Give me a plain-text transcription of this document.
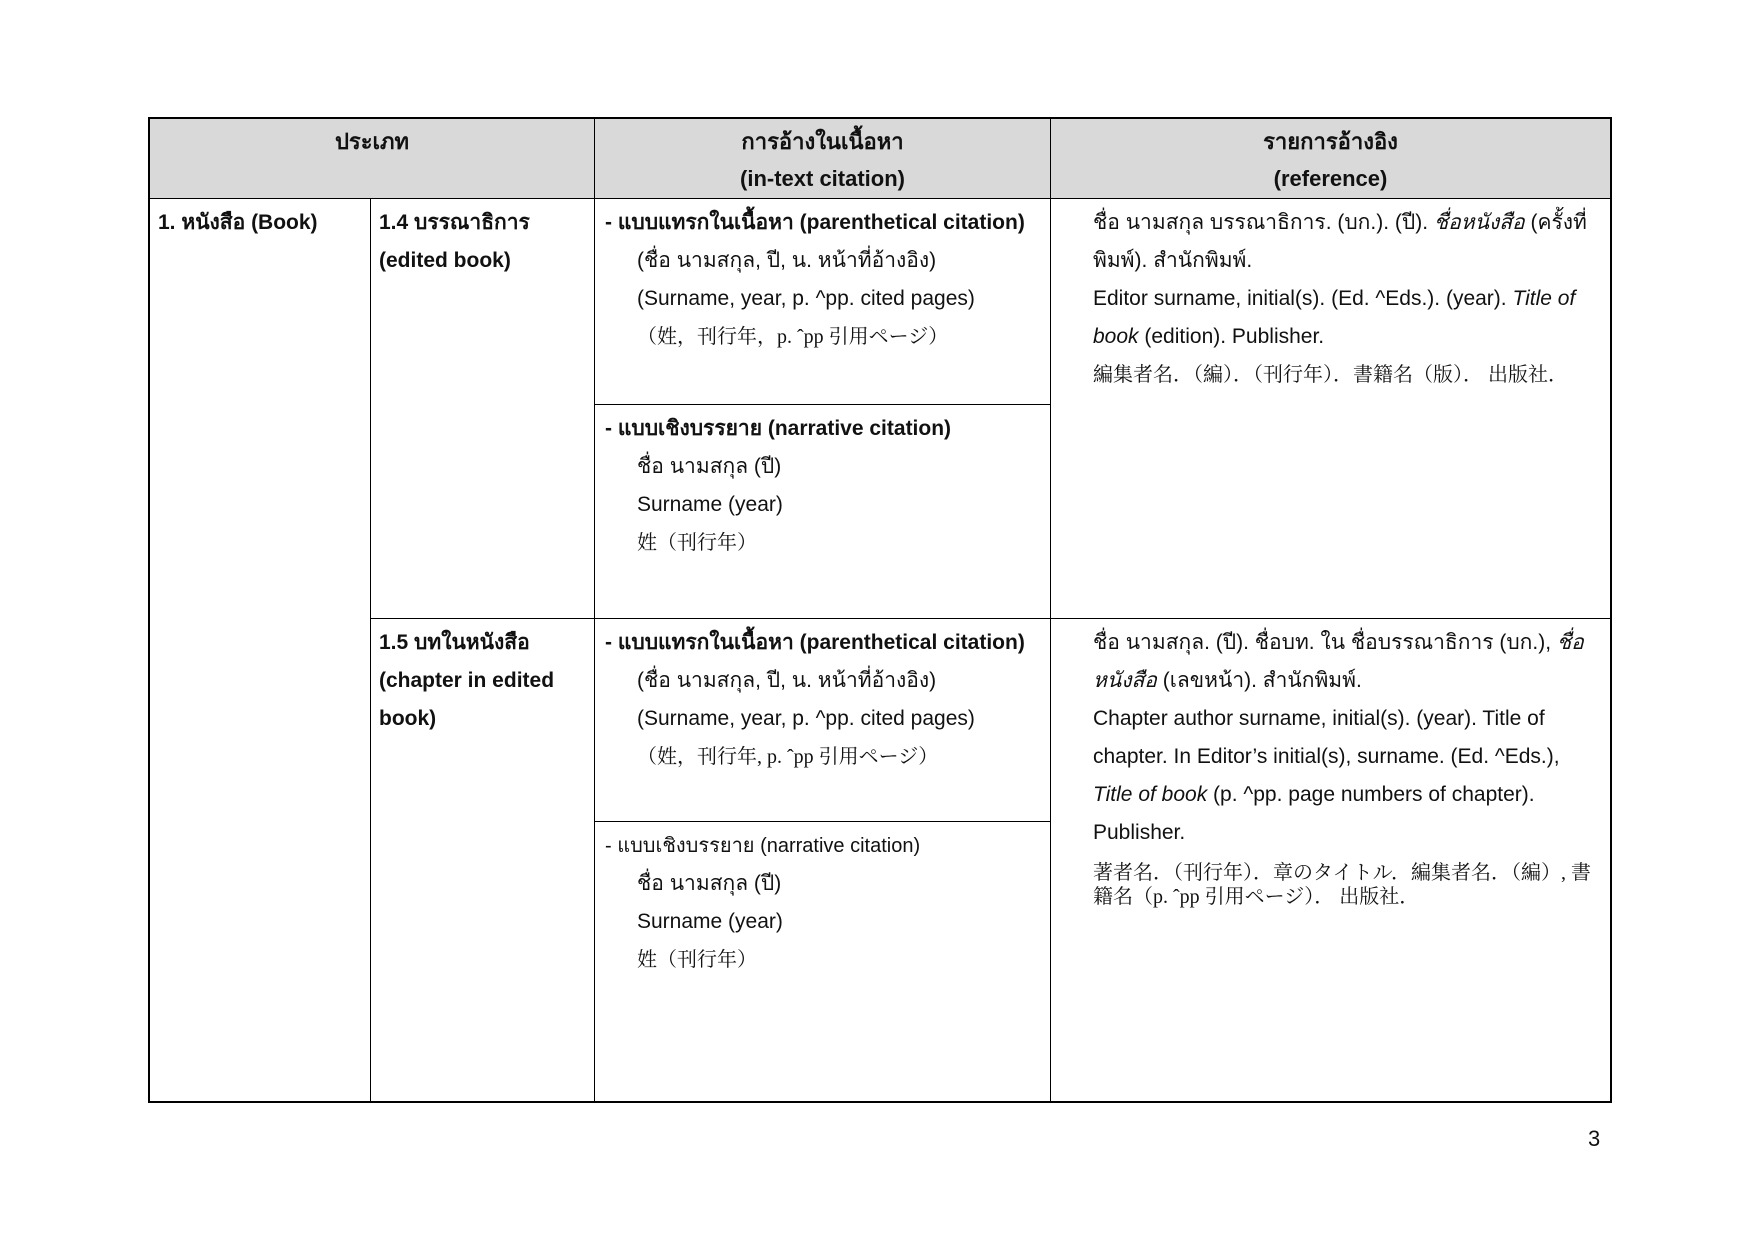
ประเภท	การอ้างในเนื้อหา
(in-text citation)
รายการอ้างอิง
(reference)
1. หนังสือ (Book)	1.4 บรรณาธิการ
(edited book)
- แบบแทรกในเนื้อหา (parenthetical citation)
(ชื่อ นามสกุล, ปี, น. หน้าที่อ้างอิง)
(Surname, year, p. ^pp. cited pages)
（姓，刊行年，p. ˆpp 引用ページ）
- แบบเชิงบรรยาย (narrative citation)
ชื่อ นามสกุล (ปี)
Surname (year)
姓（刊行年）
ชื่อ นามสกุล บรรณาธิการ. (บก.). (ปี). ชื่อหนังสือ (ครั้งที่พิมพ์). สำนักพิมพ์.
Editor surname, initial(s). (Ed. ^Eds.). (year). Title of book (edition). Publisher.
編集者名．（編）．（刊行年）．書籍名（版）． 出版社．
1.5 บทในหนังสือ
(chapter in edited
book)
- แบบแทรกในเนื้อหา (parenthetical citation)
(ชื่อ นามสกุล, ปี, น. หน้าที่อ้างอิง)
(Surname, year, p. ^pp. cited pages)
（姓，刊行年, p. ˆpp 引用ページ）
- แบบเชิงบรรยาย (narrative citation)
ชื่อ นามสกุล (ปี)
Surname (year)
姓（刊行年）
ชื่อ นามสกุล. (ปี). ชื่อบท. ใน ชื่อบรรณาธิการ (บก.), ชื่อหนังสือ (เลขหน้า). สำนักพิมพ์.
Chapter author surname, initial(s). (year). Title of chapter. In Editor’s initial(s), surname. (Ed. ^Eds.), Title of book (p. ^pp. page numbers of chapter). Publisher.
著者名．（刊行年）．章のタイトル．編集者名．（編）, 書籍名（p. ˆpp 引用ページ）． 出版社．
3
